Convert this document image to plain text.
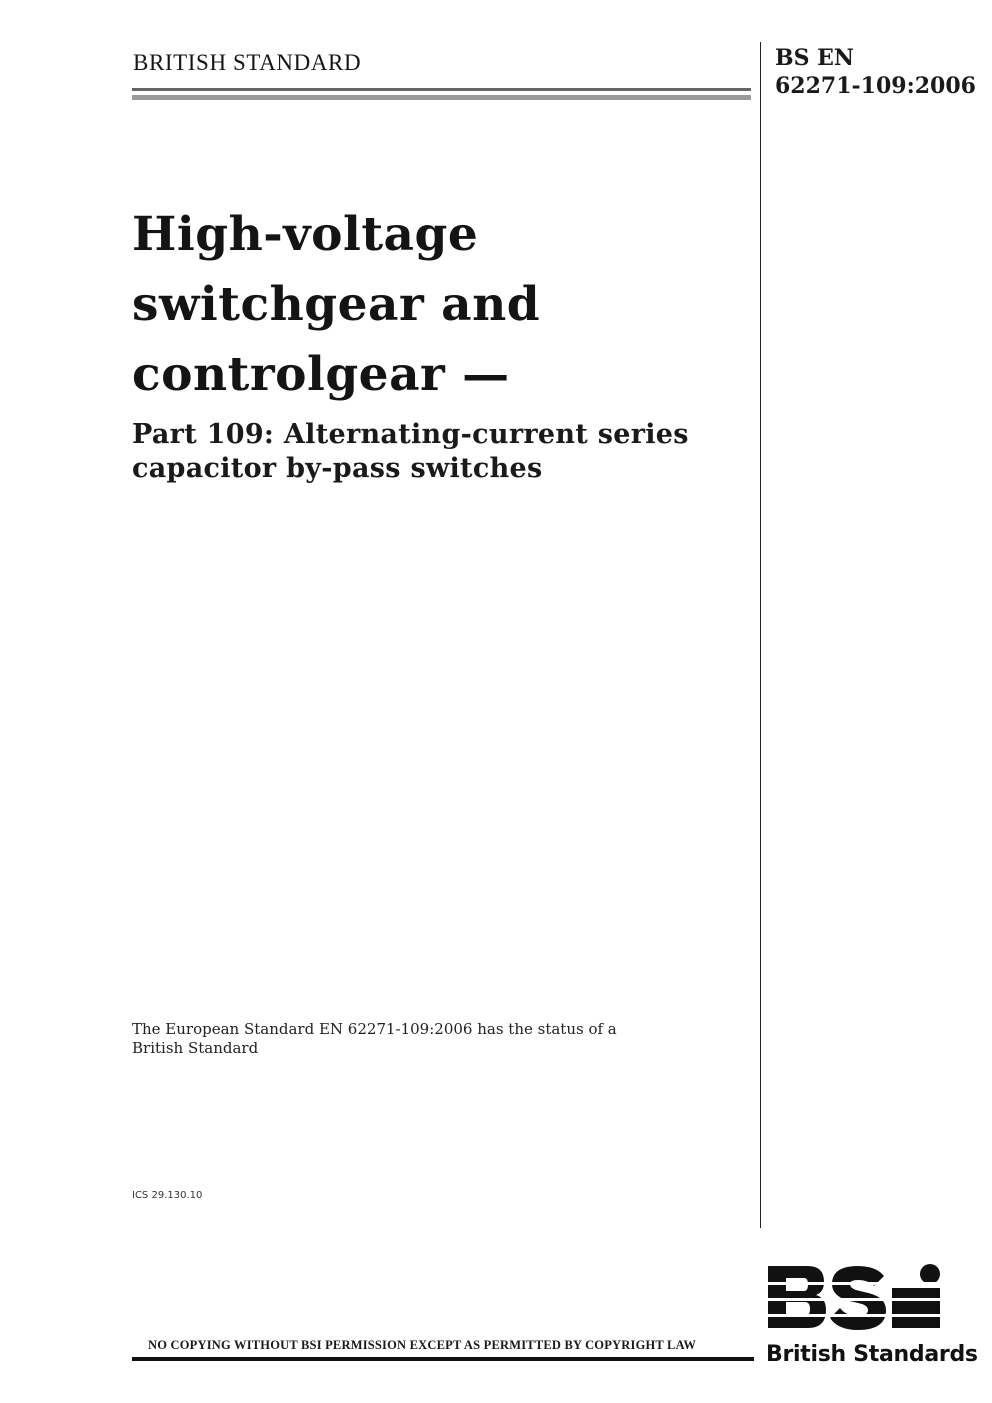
BRITISH STANDARD	BS EN
62271-109:2006
High-voltage
switchgear and
controlgear —
Part 109: Alternating-current series
capacitor by-pass switches
The European Standard EN 62271-109:2006 has the status of a
British Standard
ICS 29.130.10
NO COPYING WITHOUT BSI PERMISSION EXCEPT AS PERMITTED BY COPYRIGHT LAW	British Standards
